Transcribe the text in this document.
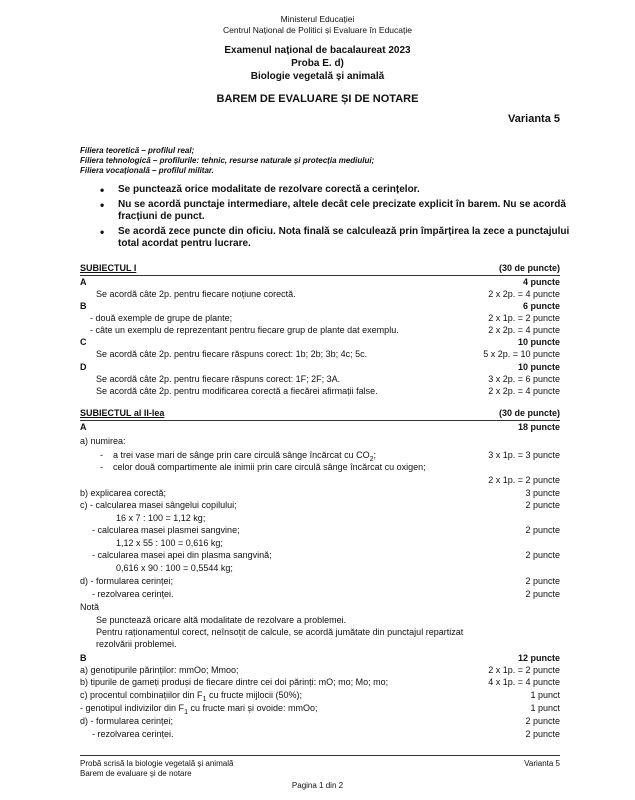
Ministerul Educației
Centrul Național de Politici și Evaluare în Educație
Examenul național de bacalaureat 2023
Proba E. d)
Biologie vegetală și animală
BAREM DE EVALUARE ȘI DE NOTARE
Varianta 5
Filiera teoretică – profilul real;
Filiera tehnologică – profilurile: tehnic, resurse naturale și protecția mediului;
Filiera vocațională – profilul militar.
• Se punctează orice modalitate de rezolvare corectă a cerințelor.
• Nu se acordă punctaje intermediare, altele decât cele precizate explicit în barem. Nu se acordă fracțiuni de punct.
• Se acordă zece puncte din oficiu. Nota finală se calculează prin împărțirea la zece a punctajului total acordat pentru lucrare.
SUBIECTUL I	(30 de puncte)
A	4 puncte
Se acordă câte 2p. pentru fiecare noțiune corectă.	2 x 2p. = 4 puncte
B	6 puncte
- două exemple de grupe de plante;	2 x 1p. = 2 puncte
- câte un exemplu de reprezentant pentru fiecare grup de plante dat exemplu.	2 x 2p. = 4 puncte
C	10 puncte
Se acordă câte 2p. pentru fiecare răspuns corect: 1b; 2b; 3b; 4c; 5c.	5 x 2p. = 10 puncte
D	10 puncte
Se acordă câte 2p. pentru fiecare răspuns corect: 1F; 2F; 3A.	3 x 2p. = 6 puncte
Se acordă câte 2p. pentru modificarea corectă a fiecărei afirmații false.	2 x 2p. = 4 puncte
SUBIECTUL al II-lea	(30 de puncte)
A	18 puncte
a) numirea:
-    a trei vase mari de sânge prin care circulă sânge încărcat cu $CO_2$;	3 x 1p. = 3 puncte
-    celor două compartimente ale inimii prin care circulă sânge încărcat cu oxigen;
2 x 1p. = 2 puncte
b) explicarea corectă;	3 puncte
c) - calcularea masei sângelui copilului;	2 puncte
16 x 7 : 100 = 1,12 kg;
- calcularea masei plasmei sangvine;	2 puncte
1,12 x 55 : 100 = 0,616 kg;
- calcularea masei apei din plasma sangvină;	2 puncte
0,616 x 90 : 100 = 0,5544 kg;
d) - formularea cerinței;	2 puncte
- rezolvarea cerinței.	2 puncte
Notă
Se punctează oricare altă modalitate de rezolvare a problemei.
Pentru raționamentul corect, neînsoțit de calcule, se acordă jumătate din punctajul repartizat
rezolvării problemei.
B	12 puncte
a) genotipurile părinților: mmOo; Mmoo;	2 x 1p. = 2 puncte
b) tipurile de gameți produși de fiecare dintre cei doi părinți: mO; mo; Mo; mo;	4 x 1p. = 4 puncte
c) procentul combinațiilor din $F_1$ cu fructe mijlocii (50%);	1 punct
- genotipul indivizilor din $F_1$ cu fructe mari și ovoide: mmOo;	1 punct
d) - formularea cerinței;	2 puncte
- rezolvarea cerinței.	2 puncte
Probă scrisă la biologie vegetală și animală
Barem de evaluare și de notare
Varianta 5
Pagina 1 din 2
